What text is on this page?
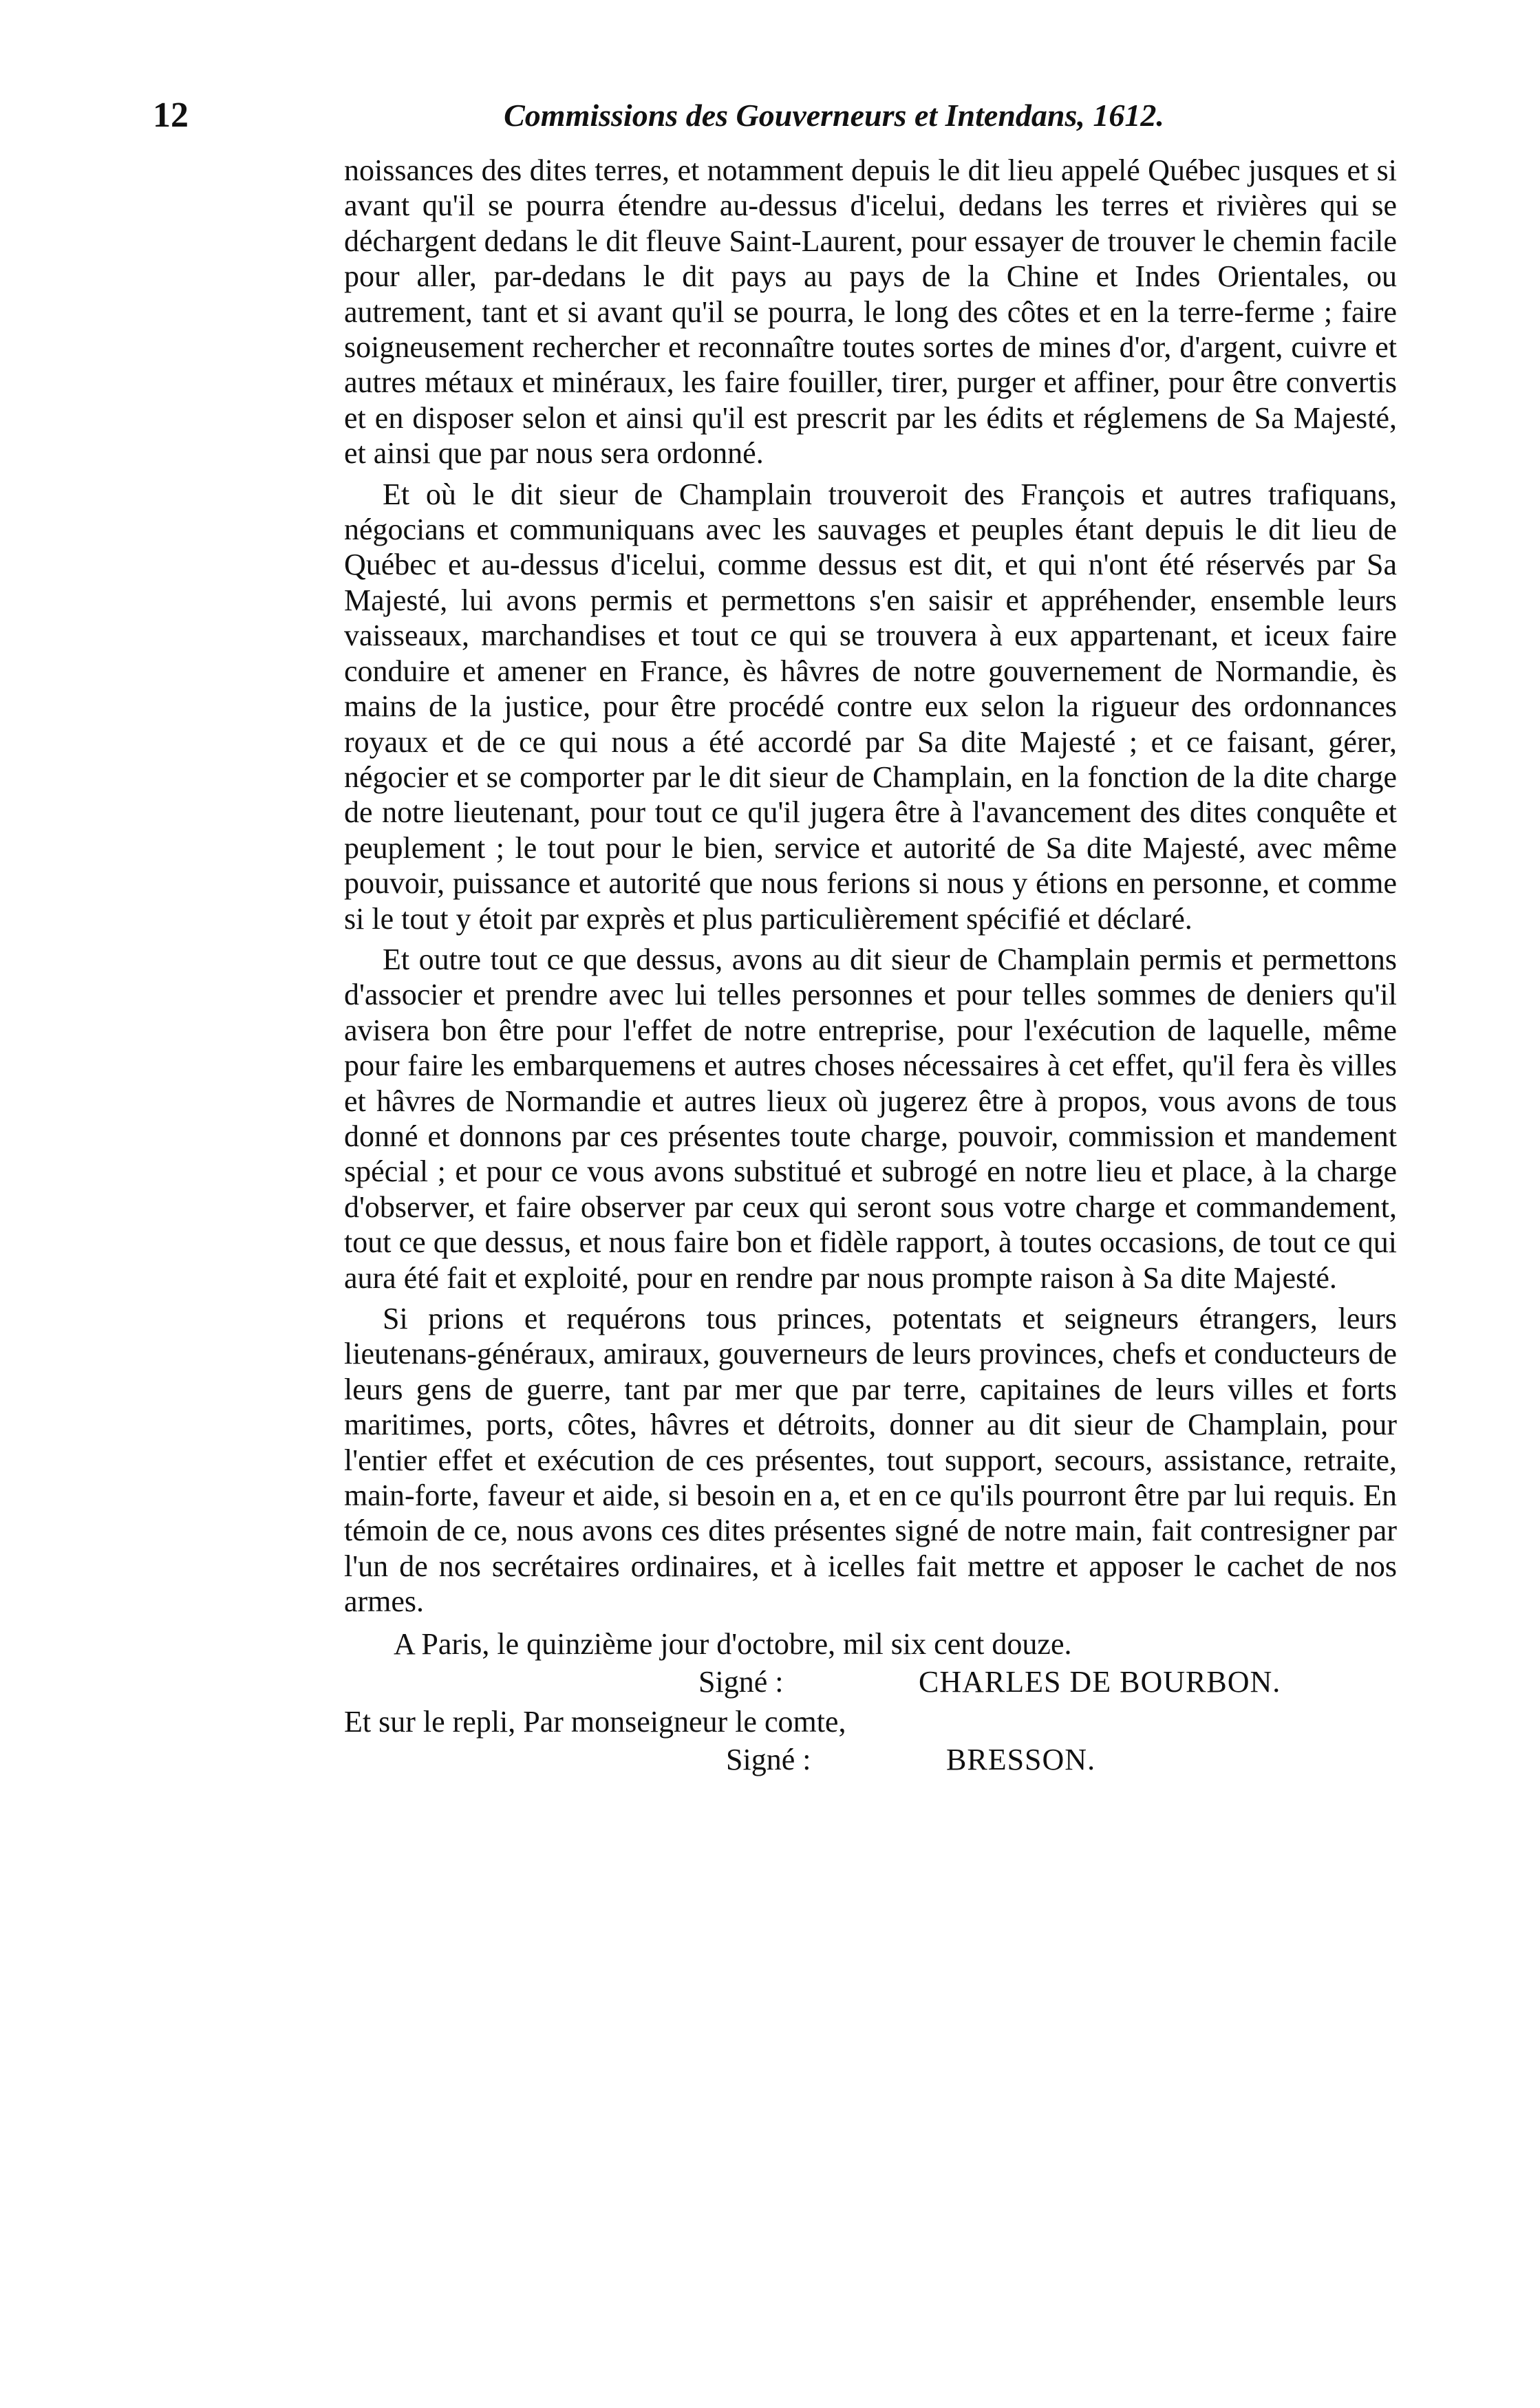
12	Commissions des Gouverneurs et Intendans, 1612.

noissances des dites terres, et notamment depuis le dit lieu appelé Québec jusques et si avant qu'il se pourra étendre au-dessus d'icelui, dedans les terres et rivières qui se déchargent dedans le dit fleuve Saint-Laurent, pour essayer de trouver le chemin facile pour aller, par-dedans le dit pays au pays de la Chine et Indes Orientales, ou autrement, tant et si avant qu'il se pourra, le long des côtes et en la terre-ferme ; faire soigneusement rechercher et reconnaître toutes sortes de mines d'or, d'argent, cuivre et autres métaux et minéraux, les faire fouiller, tirer, purger et affiner, pour être convertis et en disposer selon et ainsi qu'il est prescrit par les édits et réglemens de Sa Majesté, et ainsi que par nous sera ordonné.

Et où le dit sieur de Champlain trouveroit des François et autres trafiquans, négocians et communiquans avec les sauvages et peuples étant depuis le dit lieu de Québec et au-dessus d'icelui, comme dessus est dit, et qui n'ont été réservés par Sa Majesté, lui avons permis et permettons s'en saisir et appréhender, ensemble leurs vaisseaux, marchandises et tout ce qui se trouvera à eux appartenant, et iceux faire conduire et amener en France, ès hâvres de notre gouvernement de Normandie, ès mains de la justice, pour être procédé contre eux selon la rigueur des ordonnances royaux et de ce qui nous a été accordé par Sa dite Majesté ; et ce faisant, gérer, négocier et se comporter par le dit sieur de Champlain, en la fonction de la dite charge de notre lieutenant, pour tout ce qu'il jugera être à l'avancement des dites conquête et peuplement ; le tout pour le bien, service et autorité de Sa dite Majesté, avec même pouvoir, puissance et autorité que nous ferions si nous y étions en personne, et comme si le tout y étoit par exprès et plus particulièrement spécifié et déclaré.

Et outre tout ce que dessus, avons au dit sieur de Champlain permis et permettons d'associer et prendre avec lui telles personnes et pour telles sommes de deniers qu'il avisera bon être pour l'effet de notre entreprise, pour l'exécution de laquelle, même pour faire les embarquemens et autres choses nécessaires à cet effet, qu'il fera ès villes et hâvres de Normandie et autres lieux où jugerez être à propos, vous avons de tous donné et donnons par ces présentes toute charge, pouvoir, commission et mandement spécial ; et pour ce vous avons substitué et subrogé en notre lieu et place, à la charge d'observer, et faire observer par ceux qui seront sous votre charge et commandement, tout ce que dessus, et nous faire bon et fidèle rapport, à toutes occasions, de tout ce qui aura été fait et exploité, pour en rendre par nous prompte raison à Sa dite Majesté.

Si prions et requérons tous princes, potentats et seigneurs étrangers, leurs lieutenans-généraux, amiraux, gouverneurs de leurs provinces, chefs et conducteurs de leurs gens de guerre, tant par mer que par terre, capitaines de leurs villes et forts maritimes, ports, côtes, hâvres et détroits, donner au dit sieur de Champlain, pour l'entier effet et exécution de ces présentes, tout support, secours, assistance, retraite, main-forte, faveur et aide, si besoin en a, et en ce qu'ils pourront être par lui requis. En témoin de ce, nous avons ces dites présentes signé de notre main, fait contresigner par l'un de nos secrétaires ordinaires, et à icelles fait mettre et apposer le cachet de nos armes.

A Paris, le quinzième jour d'octobre, mil six cent douze.

Signé :	CHARLES DE BOURBON.

Et sur le repli, Par monseigneur le comte,

Signé :	BRESSON.
